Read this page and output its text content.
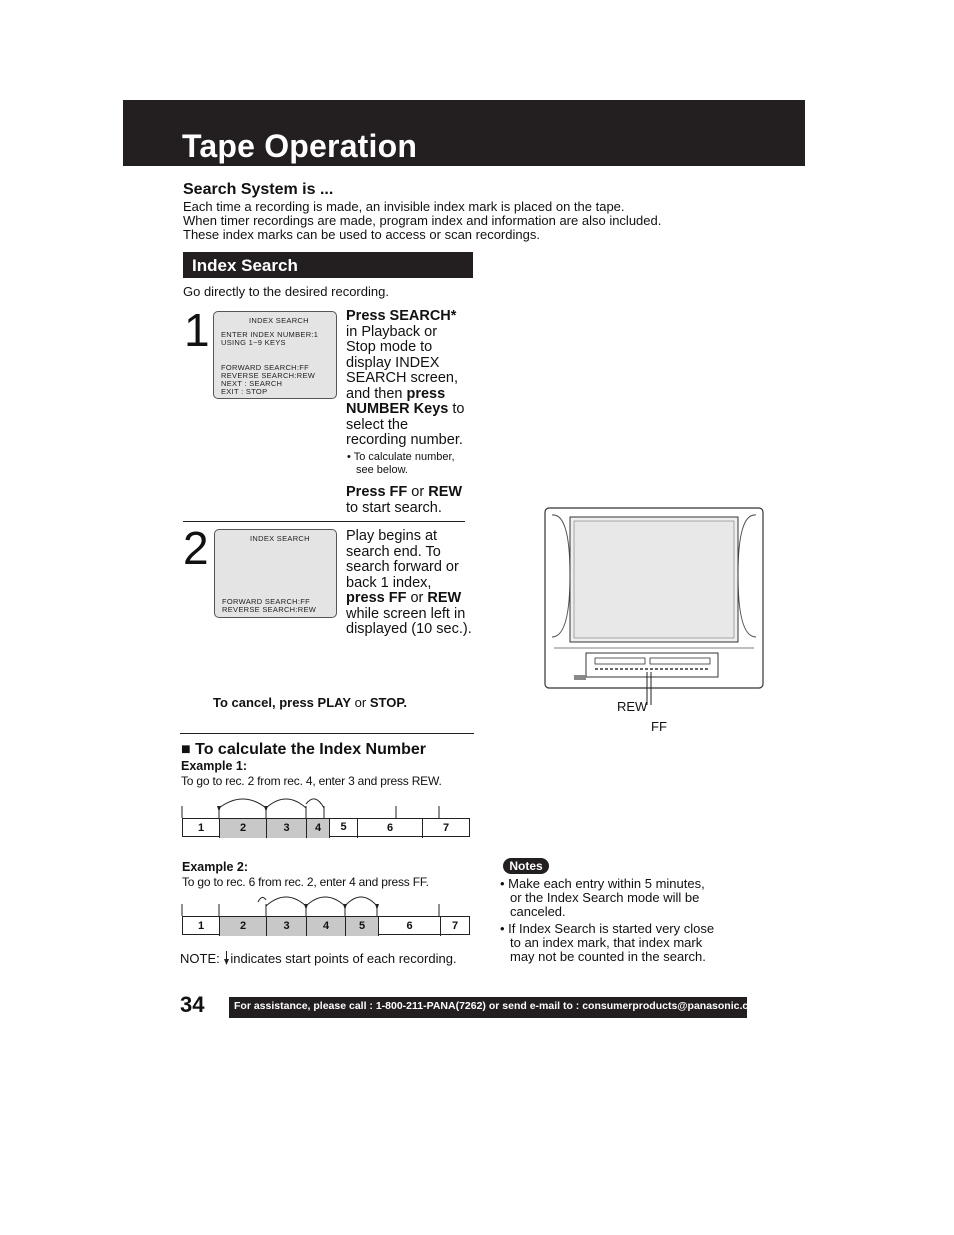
Tape Operation
Search System is ...
Each time a recording is made, an invisible index mark is placed on the tape.
When timer recordings are made, program index and information are also included.
These index marks can be used to access or scan recordings.
Index Search
Go directly to the desired recording.
1	INDEX SEARCH
ENTER INDEX NUMBER:1
USING 1~9 KEYS
FORWARD SEARCH:FF
REVERSE SEARCH:REW
NEXT : SEARCH
EXIT : STOP
Press SEARCH*
in Playback or
Stop mode to
display INDEX
SEARCH screen,
and then press
NUMBER Keys to
select the
recording number.
• To calculate number,
see below.
Press FF or REW
to start search.
2	INDEX SEARCH
FORWARD SEARCH:FF
REVERSE SEARCH:REW
Play begins at
search end. To
search forward or
back 1 index,
press FF or REW
while screen left in
displayed (10 sec.).
To cancel, press PLAY or STOP.	REW
FF
■ To calculate the Index Number
Example 1:
To go to rec. 2 from rec. 4, enter 3 and press REW.
1	2	3	4	5	6	7
Example 2:
To go to rec. 6 from rec. 2, enter 4 and press FF.
1	2	3	4	5	6	7
NOTE: indicates start points of each recording.
Notes
• Make each entry within 5 minutes,
or the Index Search mode will be
canceled.
• If Index Search is started very close
to an index mark, that index mark
may not be counted in the search.
34	For assistance, please call : 1-800-211-PANA(7262) or send e-mail to : consumerproducts@panasonic.com
